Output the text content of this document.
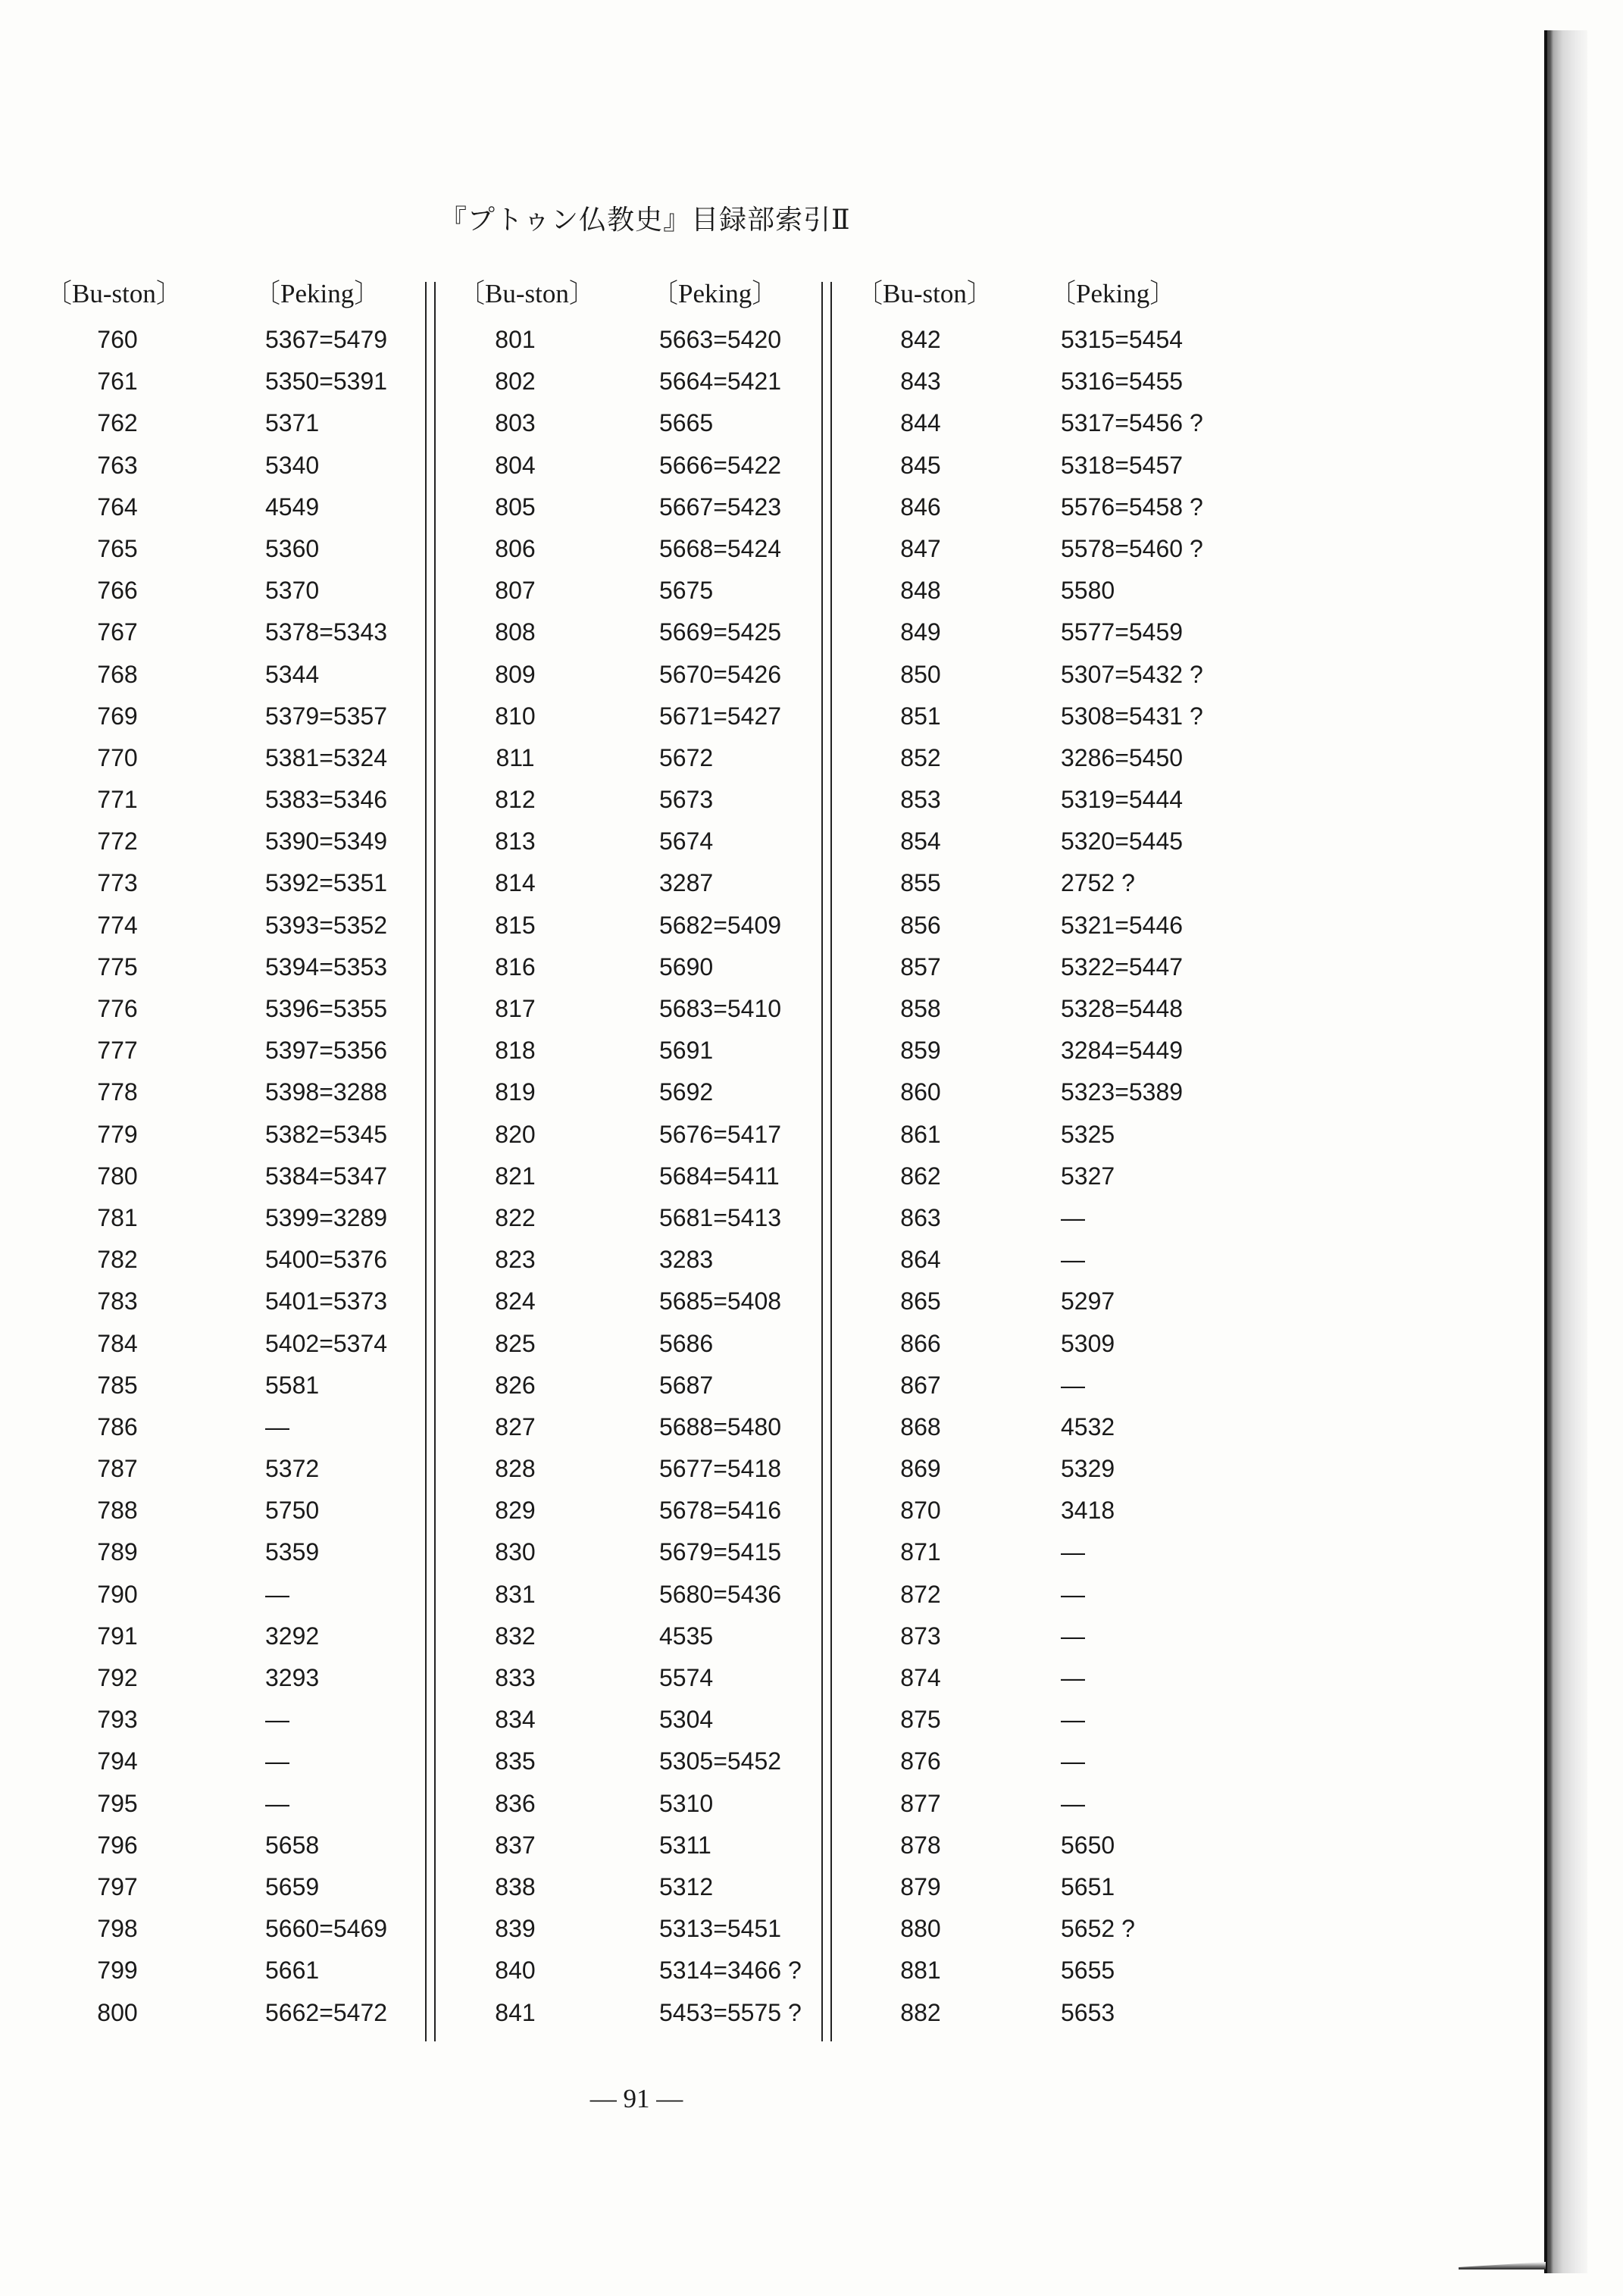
『プトゥン仏教史』目録部索引Ⅱ
〔Bu-ston〕	〔Peking〕
760	5367=5479
761	5350=5391
762	5371
763	5340
764	4549
765	5360
766	5370
767	5378=5343
768	5344
769	5379=5357
770	5381=5324
771	5383=5346
772	5390=5349
773	5392=5351
774	5393=5352
775	5394=5353
776	5396=5355
777	5397=5356
778	5398=3288
779	5382=5345
780	5384=5347
781	5399=3289
782	5400=5376
783	5401=5373
784	5402=5374
785	5581
786	—
787	5372
788	5750
789	5359
790	—
791	3292
792	3293
793	—
794	—
795	—
796	5658
797	5659
798	5660=5469
799	5661
800	5662=5472
〔Bu-ston〕 〔Peking〕
801	5663=5420
802	5664=5421
803	5665
804	5666=5422
805	5667=5423
806	5668=5424
807	5675
808	5669=5425
809	5670=5426
810	5671=5427
811	5672
812	5673
813	5674
814	3287
815	5682=5409
816	5690
817	5683=5410
818	5691
819	5692
820	5676=5417
821	5684=5411
822	5681=5413
823	3283
824	5685=5408
825	5686
826	5687
827	5688=5480
828	5677=5418
829	5678=5416
830	5679=5415
831	5680=5436
832	4535
833	5574
834	5304
835	5305=5452
836	5310
837	5311
838	5312
839	5313=5451
840	5314=3466 ?
841	5453=5575 ?
〔Bu-ston〕 〔Peking〕
842	5315=5454
843	5316=5455
844	5317=5456 ?
845	5318=5457
846	5576=5458 ?
847	5578=5460 ?
848	5580
849	5577=5459
850	5307=5432 ?
851	5308=5431 ?
852	3286=5450
853	5319=5444
854	5320=5445
855	2752 ?
856	5321=5446
857	5322=5447
858	5328=5448
859	3284=5449
860	5323=5389
861	5325
862	5327
863	—
864	—
865	5297
866	5309
867	—
868	4532
869	5329
870	3418
871	—
872	—
873	—
874	—
875	—
876	—
877	—
878	5650
879	5651
880	5652 ?
881	5655
882	5653
— 91 —
